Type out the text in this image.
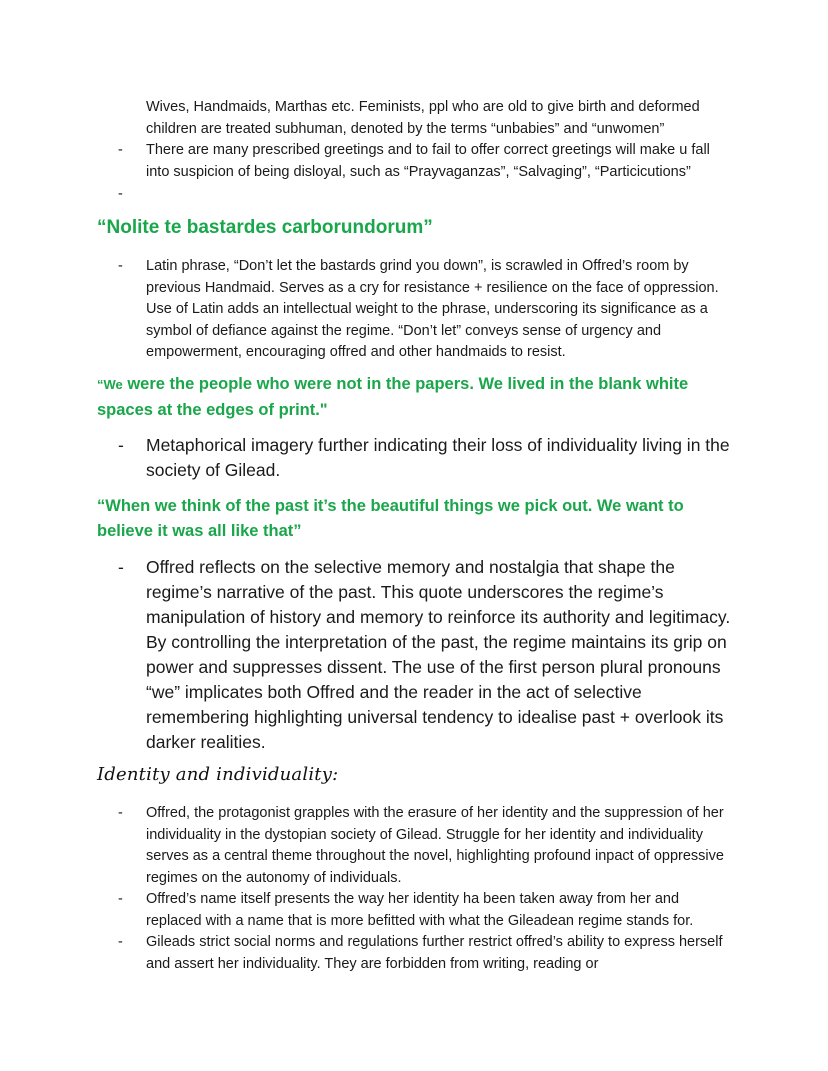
Wives, Handmaids, Marthas etc. Feminists, ppl who are old to give birth and deformed children are treated subhuman, denoted by the terms “unbabies” and “unwomen”
- There are many prescribed greetings and to fail to offer correct greetings will make u fall into suspicion of being disloyal, such as “Prayvaganzas”, “Salvaging”, “Particicutions”
-
“Nolite te bastardes carborundorum”
- Latin phrase, “Don’t let the bastards grind you down”, is scrawled in Offred’s room by previous Handmaid. Serves as a cry for resistance + resilience on the face of oppression. Use of Latin adds an intellectual weight to the phrase, underscoring its significance as a symbol of defiance against the regime. “Don’t let” conveys sense of urgency and empowerment, encouraging offred and other handmaids to resist.
“We were the people who were not in the papers. We lived in the blank white spaces at the edges of print."
- Metaphorical imagery further indicating their loss of individuality living in the society of Gilead.
“When we think of the past it’s the beautiful things we pick out. We want to believe it was all like that”
- Offred reflects on the selective memory and nostalgia that shape the regime’s narrative of the past. This quote underscores the regime’s manipulation of history and memory to reinforce its authority and legitimacy. By controlling the interpretation of the past, the regime maintains its grip on power and suppresses dissent. The use of the first person plural pronouns “we” implicates both Offred and the reader in the act of selective remembering highlighting universal tendency to idealise past + overlook its darker realities.
Identity and individuality:
- Offred, the protagonist grapples with the erasure of her identity and the suppression of her individuality in the dystopian society of Gilead. Struggle for her identity and individuality serves as a central theme throughout the novel, highlighting profound inpact of oppressive regimes on the autonomy of individuals.
- Offred’s name itself presents the way her identity ha been taken away from her and replaced with a name that is more befitted with what the Gileadean regime stands for.
- Gileads strict social norms and regulations further restrict offred’s ability to express herself and assert her individuality. They are forbidden from writing, reading or
